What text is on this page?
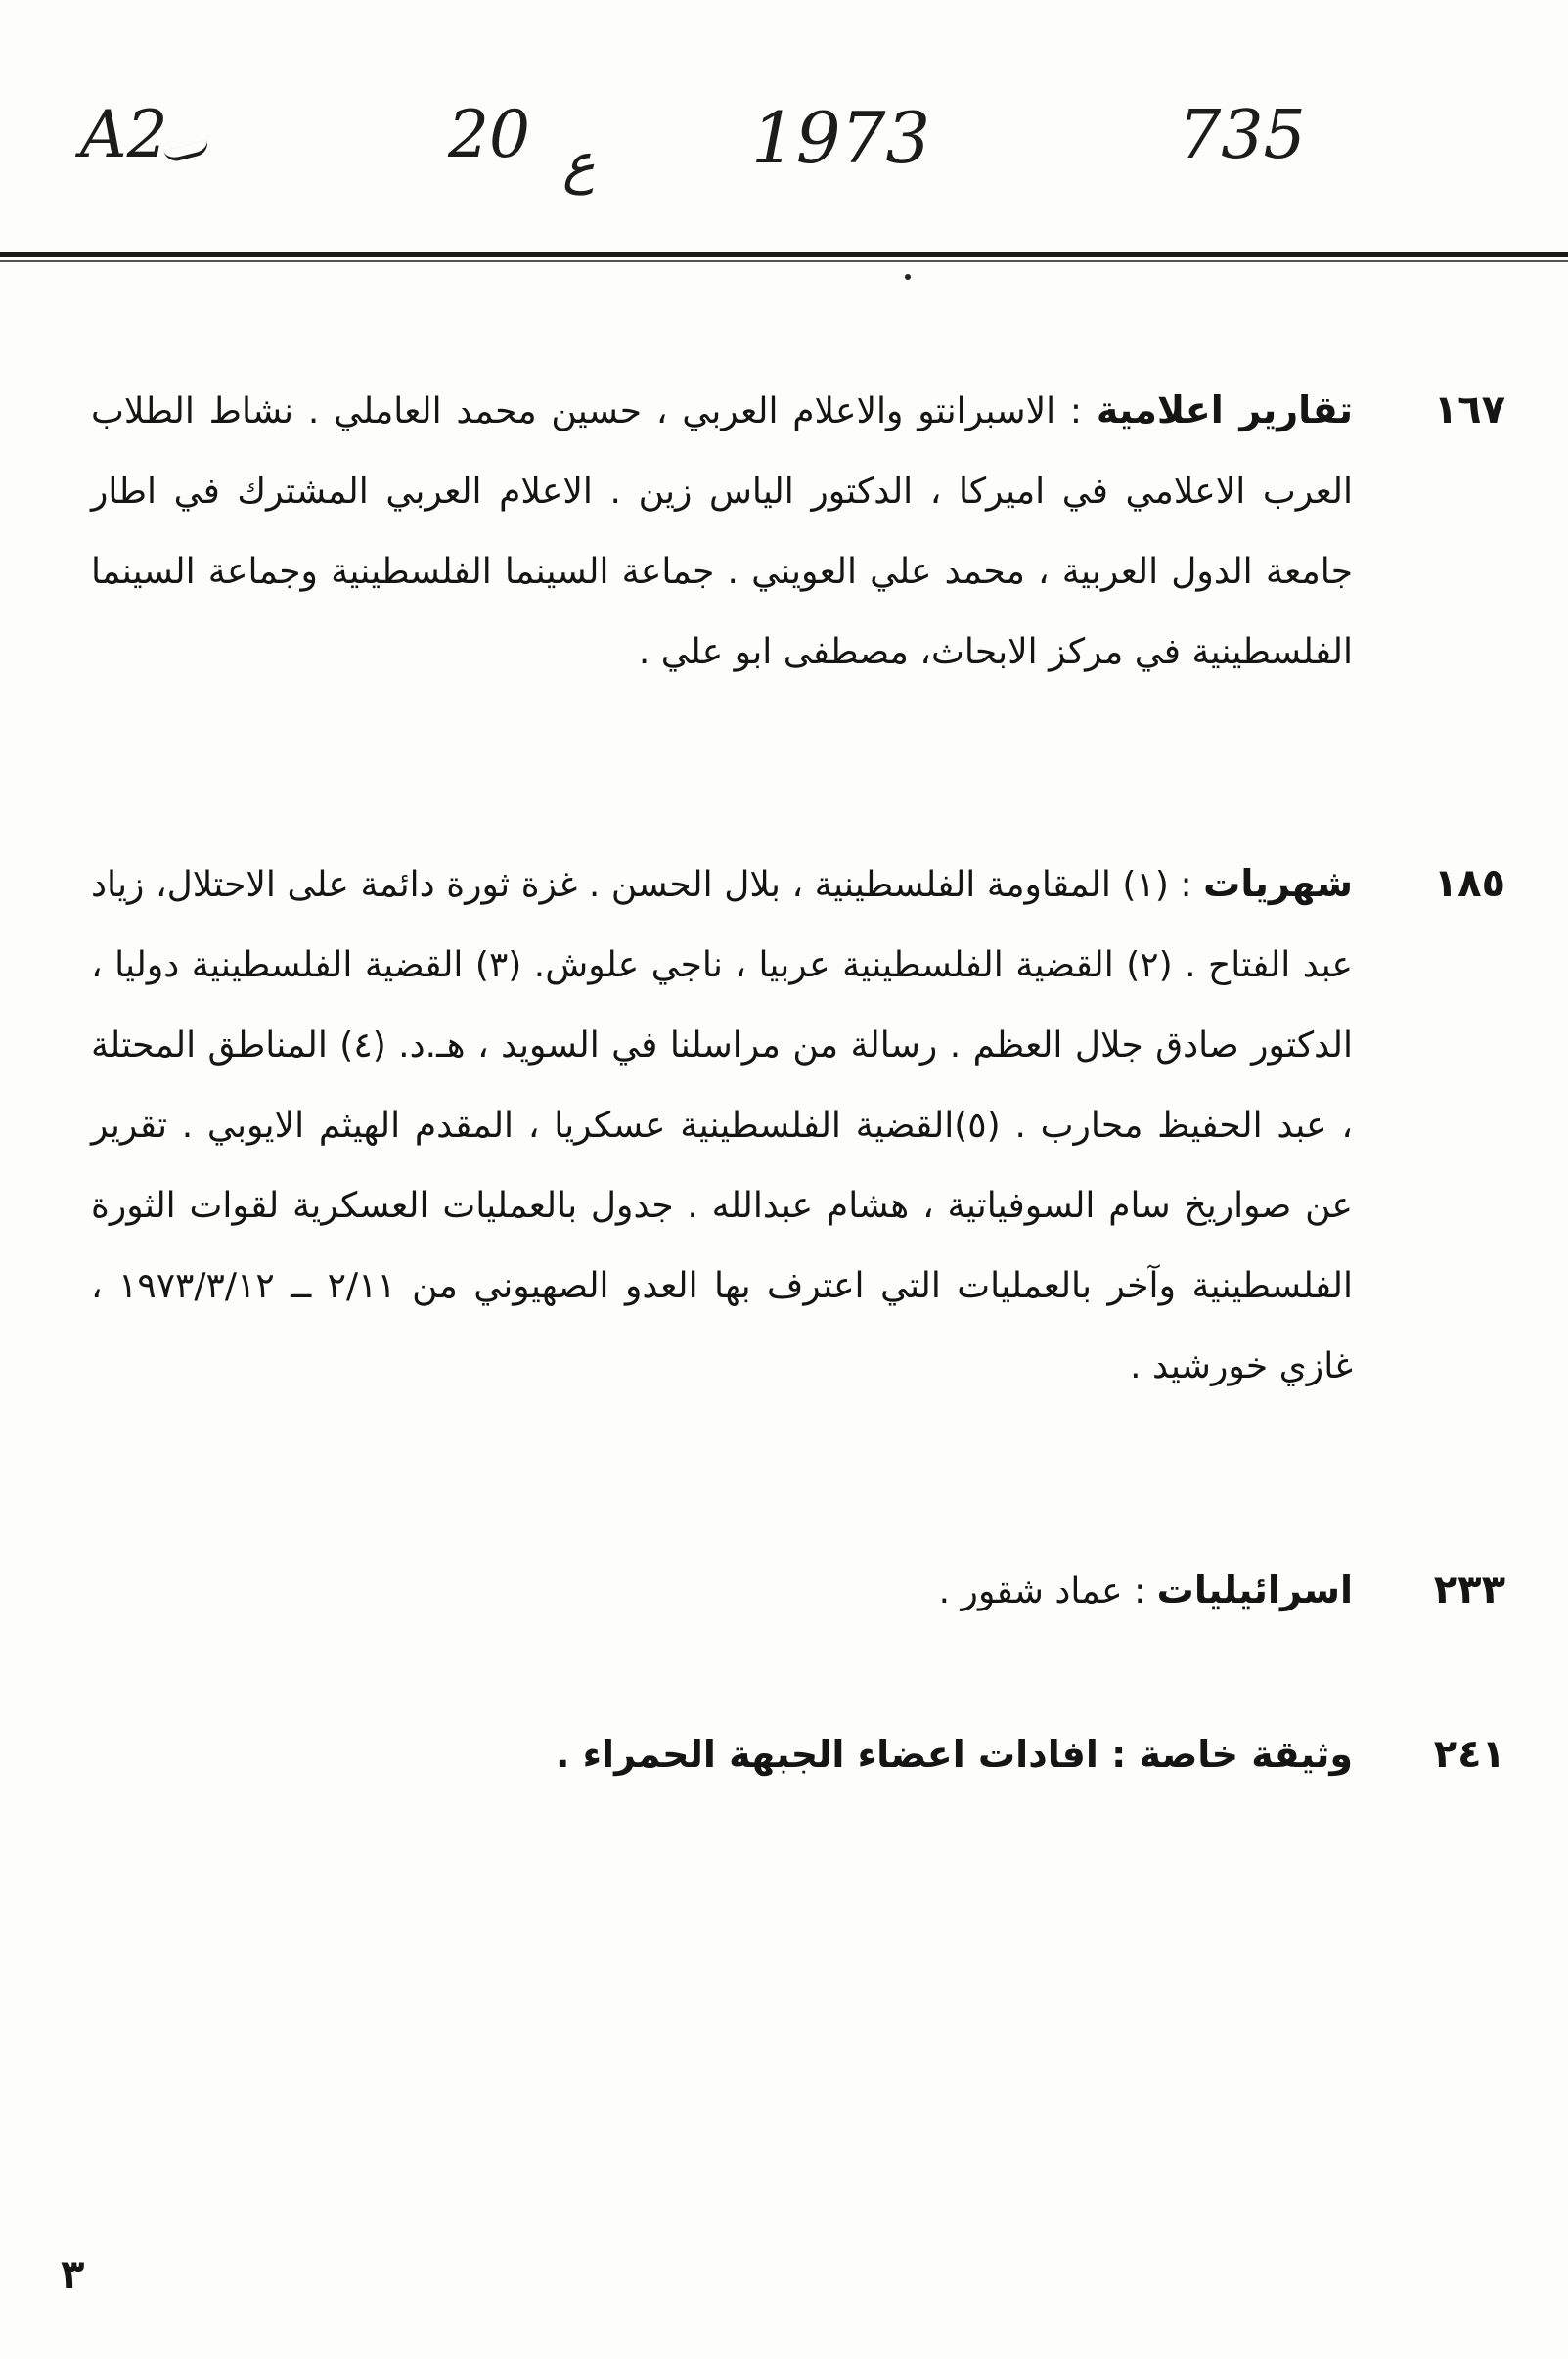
A2	20 ع 1973	735
١٦٧

تقارير اعلامية : الاسبرانتو والاعلام العربي ، حسين محمد العاملي . نشاط الطلاب العرب الاعلامي في اميركا ، الدكتور الياس زين . الاعلام العربي المشترك في اطار جامعة الدول العربية ، محمد علي العويني . جماعة السينما الفلسطينية وجماعة السينما الفلسطينية في مركز الابحاث، مصطفى ابو علي .

١٨٥

شهريات : (١) المقاومة الفلسطينية ، بلال الحسن . غزة ثورة دائمة على الاحتلال، زياد عبد الفتاح . (٢) القضية الفلسطينية عربيا ، ناجي علوش. (٣) القضية الفلسطينية دوليا ، الدكتور صادق جلال العظم . رسالة من مراسلنا في السويد ، هـ.د. (٤) المناطق المحتلة ، عبد الحفيظ محارب . (٥)القضية الفلسطينية عسكريا ، المقدم الهيثم الايوبي . تقرير عن صواريخ سام السوفياتية ، هشام عبدالله . جدول بالعمليات العسكرية لقوات الثورة الفلسطينية وآخر بالعمليات التي اعترف بها العدو الصهيوني من ٢/١١ ــ ١٩٧٣/٣/١٢ ، غازي خورشيد .

٢٣٣

اسرائيليات : عماد شقور .

٢٤١

وثيقة خاصة : افادات اعضاء الجبهة الحمراء .

٣
